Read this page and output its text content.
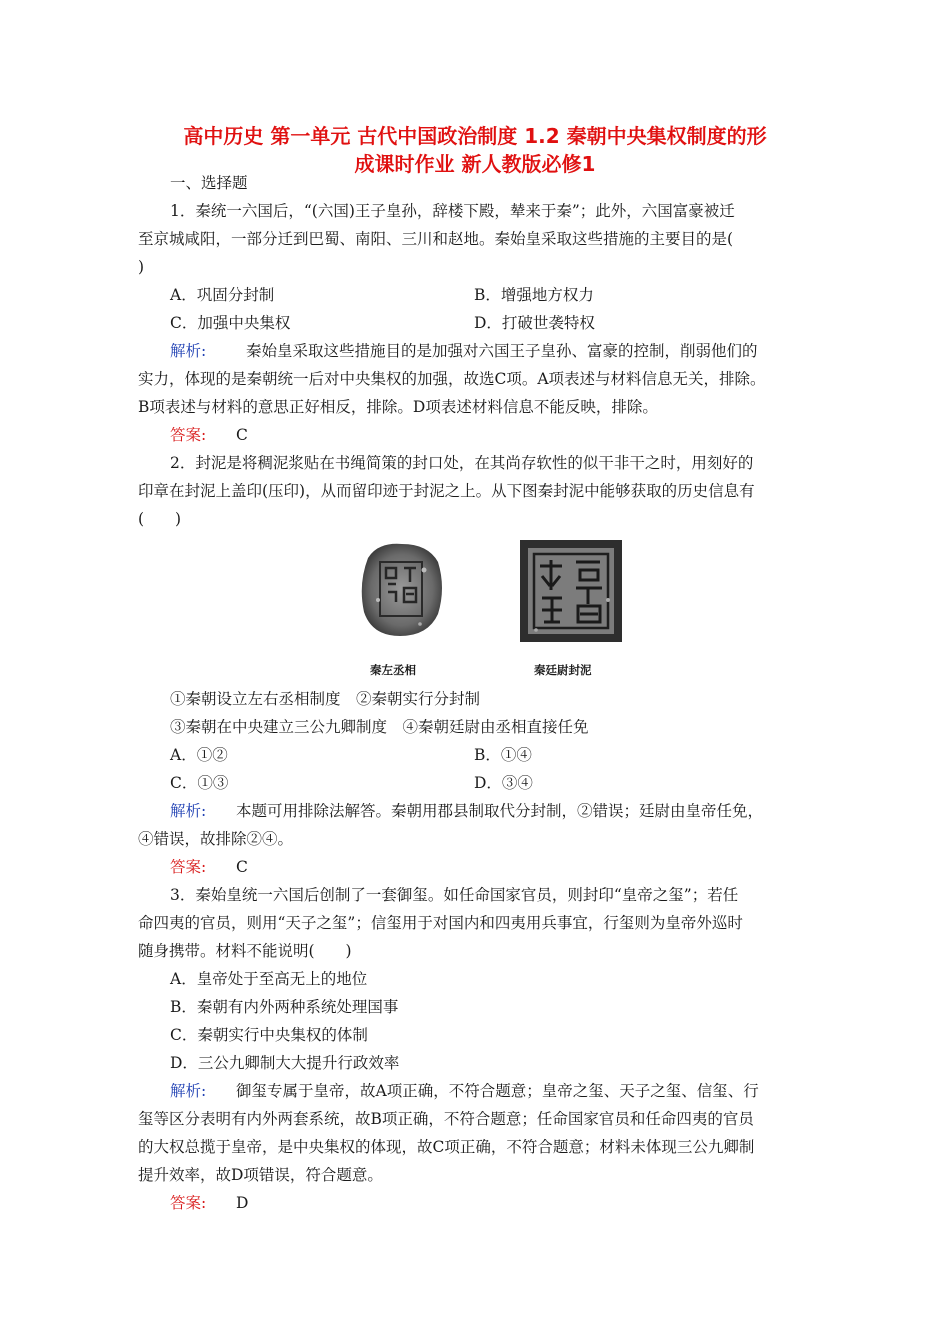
高中历史 第一单元 古代中国政治制度 1.2 秦朝中央集权制度的形
成课时作业 新人教版必修1
一、选择题
1．秦统一六国后，“(六国)王子皇孙，辞楼下殿，辇来于秦”；此外，六国富豪被迁
至京城咸阳，一部分迁到巴蜀、南阳、三川和赵地。秦始皇采取这些措施的主要目的是(
)
A．巩固分封制	B．增强地方权力
C．加强中央集权	D．打破世袭特权
解析:	秦始皇采取这些措施目的是加强对六国王子皇孙、富豪的控制，削弱他们的
实力，体现的是秦朝统一后对中央集权的加强，故选C项。A项表述与材料信息无关，排除。
B项表述与材料的意思正好相反，排除。D项表述材料信息不能反映，排除。
答案: C
2．封泥是将稠泥浆贴在书绳简策的封口处，在其尚存软性的似干非干之时，用刻好的
印章在封泥上盖印(压印)，从而留印迹于封泥之上。从下图秦封泥中能够获取的历史信息有
(　　)
秦左丞相	秦廷尉封泥
①秦朝设立左右丞相制度　②秦朝实行分封制
③秦朝在中央建立三公九卿制度　④秦朝廷尉由丞相直接任免
A．①②	B．①④
C．①③	D．③④
解析: 本题可用排除法解答。秦朝用郡县制取代分封制，②错误；廷尉由皇帝任免，
④错误，故排除②④。
答案: C
3．秦始皇统一六国后创制了一套御玺。如任命国家官员，则封印“皇帝之玺”；若任
命四夷的官员，则用“天子之玺”；信玺用于对国内和四夷用兵事宜，行玺则为皇帝外巡时
随身携带。材料不能说明(　　)
A．皇帝处于至高无上的地位
B．秦朝有内外两种系统处理国事
C．秦朝实行中央集权的体制
D．三公九卿制大大提升行政效率
解析: 御玺专属于皇帝，故A项正确，不符合题意；皇帝之玺、天子之玺、信玺、行
玺等区分表明有内外两套系统，故B项正确，不符合题意；任命国家官员和任命四夷的官员
的大权总揽于皇帝，是中央集权的体现，故C项正确，不符合题意；材料未体现三公九卿制
提升效率，故D项错误，符合题意。
答案: D
